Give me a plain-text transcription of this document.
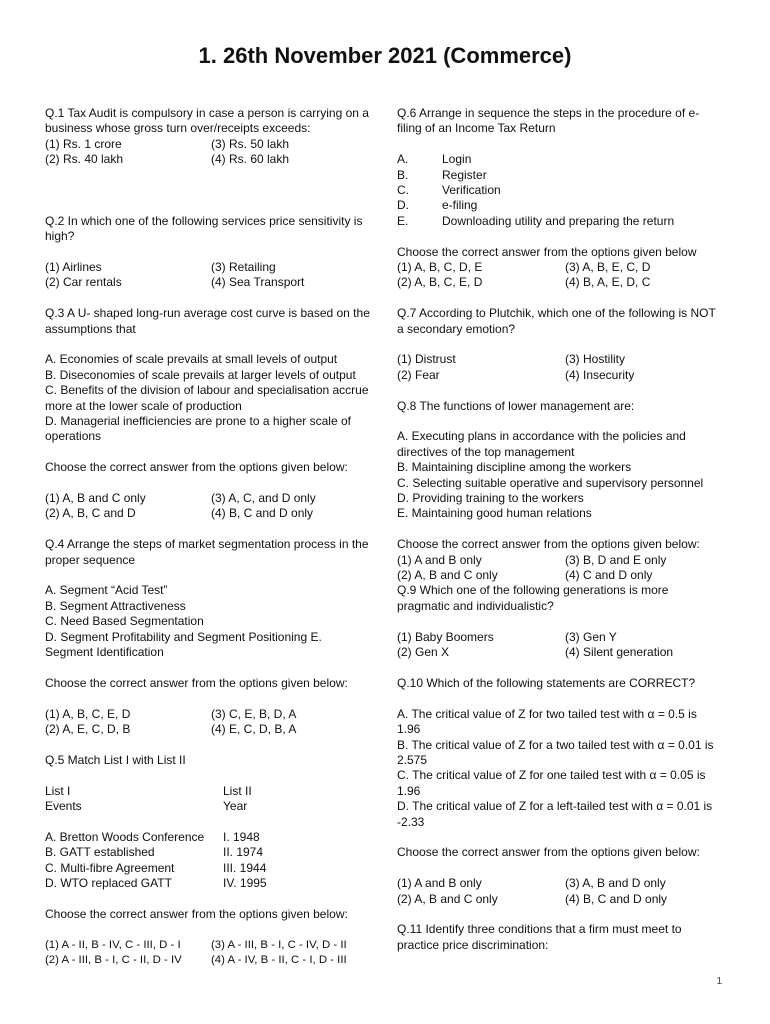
1. 26th November 2021 (Commerce)

Q.1 Tax Audit is compulsory in case a person is carrying on a business whose gross turn over/receipts exceeds:

(1) Rs. 1 crore	(3) Rs. 50 lakh
(2) Rs. 40 lakh	(4) Rs. 60 lakh

Q.2 In which one of the following services price sensitivity is high?

(1) Airlines	(3) Retailing
(2) Car rentals	(4) Sea Transport

Q.3 A U- shaped long-run average cost curve is based on the assumptions that

A. Economies of scale prevails at small levels of output

B. Diseconomies of scale prevails at larger levels of output

C. Benefits of the division of labour and specialisation accrue more at the lower scale of production

D. Managerial inefficiencies are prone to a higher scale of operations

Choose the correct answer from the options given below:

(1) A, B and C only	(3) A, C, and D only
(2) A, B, C and D	(4) B, C and D only

Q.4 Arrange the steps of market segmentation process in the proper sequence

A. Segment “Acid Test”

B. Segment Attractiveness

C. Need Based Segmentation

D. Segment Profitability and Segment Positioning E. Segment Identification

Choose the correct answer from the options given below:

(1) A, B, C, E, D	(3) C, E, B, D, A
(2) A, E, C, D, B	(4) E, C, D, B, A

Q.5 Match List I with List II

List I	List II
Events	Year
A. Bretton Woods Conference	I. 1948
B. GATT established	II. 1974
C. Multi-fibre Agreement	III. 1944
D. WTO replaced GATT	IV. 1995

Choose the correct answer from the options given below:

(1) A - II, B - IV, C - III, D - I	(3) A - III, B - I, C - IV, D - II
(2) A - III, B - I, C - II, D - IV	(4) A - IV, B - II, C - I, D - III

Q.6 Arrange in sequence the steps in the procedure of e-filing of an Income Tax Return

A.	Login
B.	Register
C.	Verification
D.	e-filing
E.	Downloading utility and preparing the return

Choose the correct answer from the options given below

(1) A, B, C, D, E	(3) A, B, E, C, D
(2) A, B, C, E, D	(4) B, A, E, D, C

Q.7 According to Plutchik, which one of the following is NOT a secondary emotion?

(1) Distrust	(3) Hostility
(2) Fear	(4) Insecurity

Q.8 The functions of lower management are:

A. Executing plans in accordance with the policies and directives of the top management

B. Maintaining discipline among the workers

C. Selecting suitable operative and supervisory personnel

D. Providing training to the workers

E. Maintaining good human relations

Choose the correct answer from the options given below:

(1) A and B only	(3) B, D and E only
(2) A, B and C only	(4) C and D only

Q.9 Which one of the following generations is more pragmatic and individualistic?

(1) Baby Boomers	(3) Gen Y
(2) Gen X	(4) Silent generation

Q.10 Which of the following statements are CORRECT?

A. The critical value of Z for two tailed test with α = 0.5 is 1.96

B. The critical value of Z for a two tailed test with α = 0.01 is 2.575

C. The critical value of Z for one tailed test with α = 0.05 is 1.96

D. The critical value of Z for a left-tailed test with α = 0.01 is -2.33

Choose the correct answer from the options given below:

(1) A and B only	(3) A, B and D only
(2) A, B and C only	(4) B, C and D only

Q.11 Identify three conditions that a firm must meet to practice price discrimination:

1
